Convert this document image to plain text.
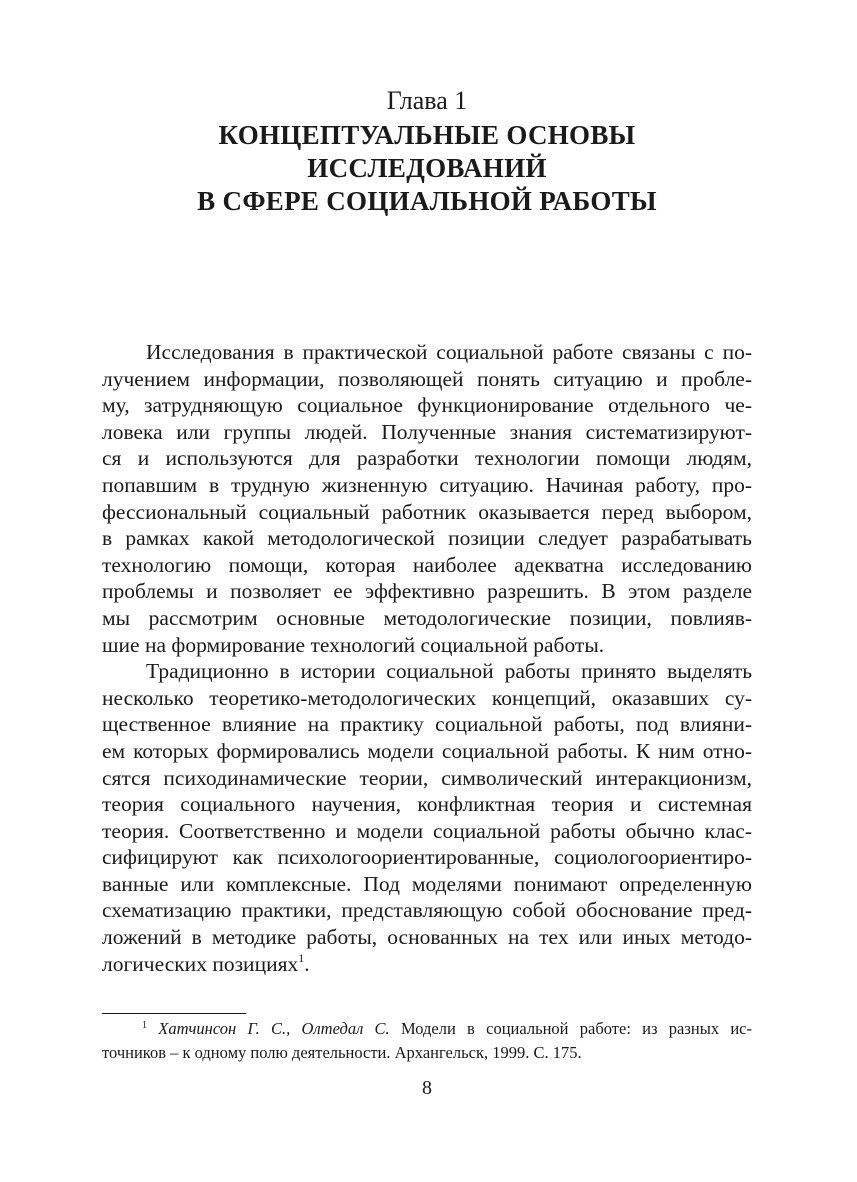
Глава 1
КОНЦЕПТУАЛЬНЫЕ ОСНОВЫ
ИССЛЕДОВАНИЙ
В СФЕРЕ СОЦИАЛЬНОЙ РАБОТЫ
Исследования в практической социальной работе связаны с по-
лучением информации, позволяющей понять ситуацию и пробле-
му, затрудняющую социальное функционирование отдельного че-
ловека или группы людей. Полученные знания систематизируют-
ся и используются для разработки технологии помощи людям,
попавшим в трудную жизненную ситуацию. Начиная работу, про-
фессиональный социальный работник оказывается перед выбором,
в рамках какой методологической позиции следует разрабатывать
технологию помощи, которая наиболее адекватна исследованию
проблемы и позволяет ее эффективно разрешить. В этом разделе
мы рассмотрим основные методологические позиции, повлияв-
шие на формирование технологий социальной работы.
Традиционно в истории социальной работы принято выделять
несколько теоретико-методологических концепций, оказавших су-
щественное влияние на практику социальной работы, под влияни-
ем которых формировались модели социальной работы. К ним отно-
сятся психодинамические теории, символический интеракционизм,
теория социального научения, конфликтная теория и системная
теория. Соответственно и модели социальной работы обычно клас-
сифицируют как психологоориентированные, социологоориентиро-
ванные или комплексные. Под моделями понимают определенную
схематизацию практики, представляющую собой обоснование пред-
ложений в методике работы, основанных на тех или иных методо-
логических позициях$^1$.
$^1$ Хатчинсон Г. С., Олтедал С. Модели в социальной работе: из разных ис-
точников – к одному полю деятельности. Архангельск, 1999. С. 175.
8
